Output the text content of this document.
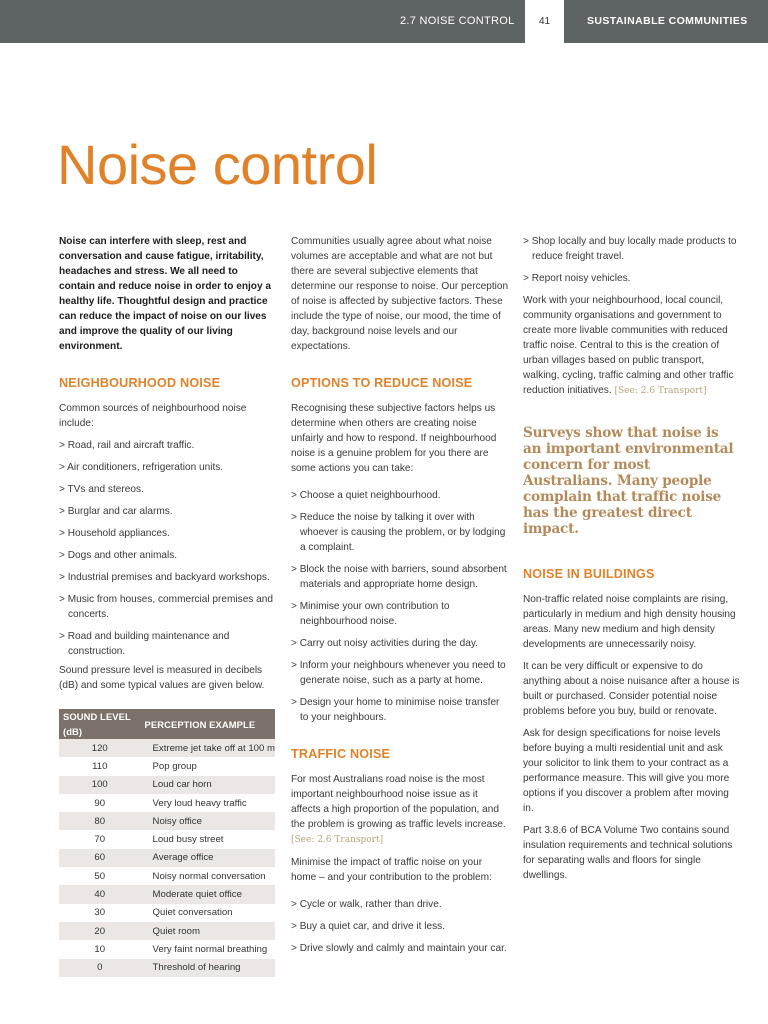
2.7 NOISE CONTROL	41	SUSTAINABLE COMMUNITIES
Noise control

Noise can interfere with sleep, rest and conversation and cause fatigue, irritability, headaches and stress. We all need to contain and reduce noise in order to enjoy a healthy life. Thoughtful design and practice can reduce the impact of noise on our lives and improve the quality of our living environment.

NEIGHBOURHOOD NOISE

Common sources of neighbourhood noise include:

> Road, rail and aircraft traffic.
> Air conditioners, refrigeration units.
> TVs and stereos.
> Burglar and car alarms.
> Household appliances.
> Dogs and other animals.
> Industrial premises and backyard workshops.
> Music from houses, commercial premises and concerts.
> Road and building maintenance and construction.

Sound pressure level is measured in decibels (dB) and some typical values are given below.

SOUND LEVEL (dB)	PERCEPTION EXAMPLE
120	Extreme jet take off at 100 m
110	Pop group
100	Loud car horn
90	Very loud heavy traffic
80	Noisy office
70	Loud busy street
60	Average office
50	Noisy normal conversation
40	Moderate quiet office
30	Quiet conversation
20	Quiet room
10	Very faint normal breathing
0	Threshold of hearing

Communities usually agree about what noise volumes are acceptable and what are not but there are several subjective elements that determine our response to noise. Our perception of noise is affected by subjective factors. These include the type of noise, our mood, the time of day, background noise levels and our expectations.

OPTIONS TO REDUCE NOISE

Recognising these subjective factors helps us determine when others are creating noise unfairly and how to respond. If neighbourhood noise is a genuine problem for you there are some actions you can take:

> Choose a quiet neighbourhood.
> Reduce the noise by talking it over with whoever is causing the problem, or by lodging a complaint.
> Block the noise with barriers, sound absorbent materials and appropriate home design.
> Minimise your own contribution to neighbourhood noise.
> Carry out noisy activities during the day.
> Inform your neighbours whenever you need to generate noise, such as a party at home.
> Design your home to minimise noise transfer to your neighbours.
TRAFFIC NOISE

For most Australians road noise is the most important neighbourhood noise issue as it affects a high proportion of the population, and the problem is growing as traffic levels increase. [See: 2.6 Transport]

Minimise the impact of traffic noise on your home – and your contribution to the problem:

> Cycle or walk, rather than drive.
> Buy a quiet car, and drive it less.
> Drive slowly and calmly and maintain your car.
> Shop locally and buy locally made products to reduce freight travel.
> Report noisy vehicles.

Work with your neighbourhood, local council, community organisations and government to create more livable communities with reduced traffic noise. Central to this is the creation of urban villages based on public transport, walking, cycling, traffic calming and other traffic reduction initiatives. [See: 2.6 Transport]

Surveys show that noise is an important environmental concern for most Australians. Many people complain that traffic noise has the greatest direct impact.

NOISE IN BUILDINGS

Non-traffic related noise complaints are rising, particularly in medium and high density housing areas. Many new medium and high density developments are unnecessarily noisy.

It can be very difficult or expensive to do anything about a noise nuisance after a house is built or purchased. Consider potential noise problems before you buy, build or renovate.

Ask for design specifications for noise levels before buying a multi residential unit and ask your solicitor to link them to your contract as a performance measure. This will give you more options if you discover a problem after moving in.

Part 3.8.6 of BCA Volume Two contains sound insulation requirements and technical solutions for separating walls and floors for single dwellings.
